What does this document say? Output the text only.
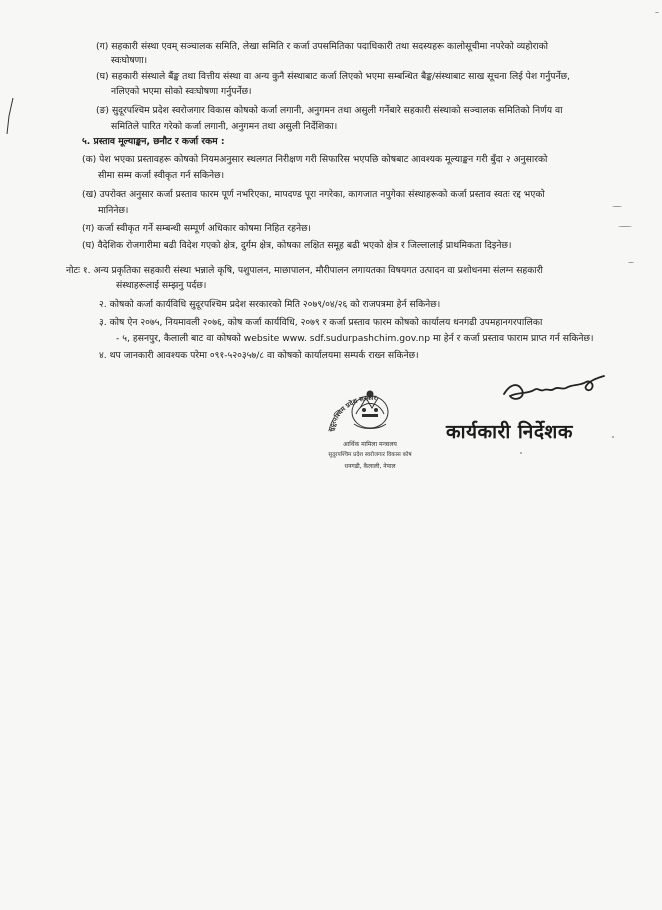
(ग) सहकारी संस्था एवम् सञ्चालक समिति, लेखा समिति र कर्जा उपसमितिका पदाधिकारी तथा सदस्यहरू कालोसूचीमा नपरेको व्यहोराको
स्वःघोषणा।
(घ) सहकारी संस्थाले बैंङ्क तथा वित्तीय संस्था वा अन्य कुनै संस्थाबाट कर्जा लिएको भएमा सम्बन्धित बैङ्क/संस्थाबाट साख सूचना लिई पेश गर्नुपर्नेछ,
नलिएको भएमा सोको स्वःघोषणा गर्नुपर्नेछ।
(ङ) सुदूरपश्चिम प्रदेश स्वरोजगार विकास कोषको कर्जा लगानी, अनुगमन तथा असुली गर्नेबारे सहकारी संस्थाको सञ्चालक समितिको निर्णय वा
समितिले पारित गरेको कर्जा लगानी, अनुगमन तथा असुली निर्देशिका।
५. प्रस्ताव मूल्याङ्कन, छनौट र कर्जा रकम :
(क) पेश भएका प्रस्तावहरू कोषको नियमअनुसार स्थलगत निरीक्षण गरी सिफारिस भएपछि कोषबाट आवश्यक मूल्याङ्कन गरी बुँदा २ अनुसारको
सीमा सम्म कर्जा स्वीकृत गर्न सकिनेछ।
(ख) उपरोक्त अनुसार कर्जा प्रस्ताव फारम पूर्ण नभरिएका, मापदण्ड पूरा नगरेका, कागजात नपुगेका संस्थाहरूको कर्जा प्रस्ताव स्वतः रद्द भएको
मानिनेछ।
(ग) कर्जा स्वीकृत गर्ने सम्बन्धी सम्पूर्ण अधिकार कोषमा निहित रहनेछ।
(घ) वैदेशिक रोजगारीमा बढी विदेश गएको क्षेत्र, दुर्गम क्षेत्र, कोषका लक्षित समूह बढी भएको क्षेत्र र जिल्लालाई प्राथमिकता दिइनेछ।
नोटः १. अन्य प्रकृतिका सहकारी संस्था भन्नाले कृषि, पशुपालन, माछापालन, मौरीपालन लगायतका विषयगत उत्पादन वा प्रशोधनमा संलग्न सहकारी
संस्थाहरूलाई सम्झनु पर्दछ।
२. कोषको कर्जा कार्यविधि सुदूरपश्चिम प्रदेश सरकारको मिति २०७९/०४/२६ को राजपत्रमा हेर्न सकिनेछ।
३. कोष ऐन २०७५, नियमावली २०७६, कोष कर्जा कार्यविधि, २०७९ र कर्जा प्रस्ताव फारम कोषको कार्यालय धनगढी उपमहानगरपालिका
- ५, हसनपुर, कैलाली बाट वा कोषको website www. sdf.sudurpashchim.gov.np मा हेर्न र कर्जा प्रस्ताव फाराम प्राप्त गर्न सकिनेछ।
४. थप जानकारी आवश्यक परेमा ०९१-५२०३५७/८ वा कोषको कार्यालयमा सम्पर्क राख्न सकिनेछ।
सुदूरपश्चिम प्रदेश सरकार
आर्थिक मामिला मन्त्रालय
सुदूरपश्चिम प्रदेश स्वरोजगार विकास कोष
धनगढी, कैलाली, नेपाल
कार्यकारी निर्देशक
